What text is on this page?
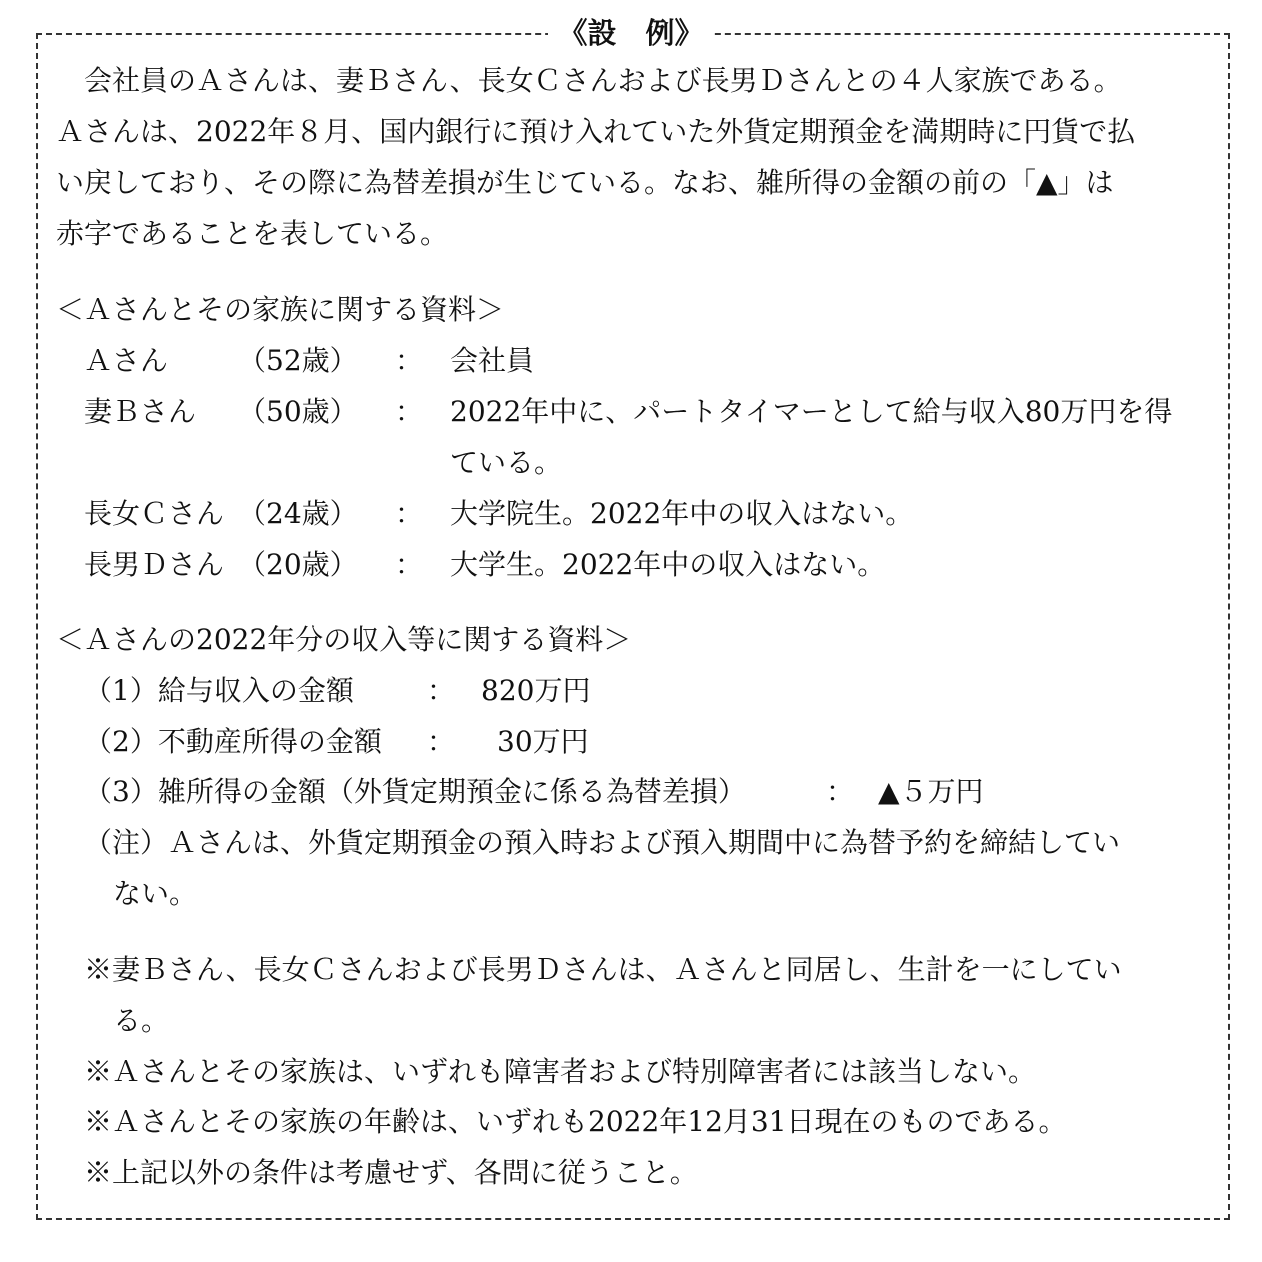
《設　例》
会社員のＡさんは、妻Ｂさん、長女Ｃさんおよび長男Ｄさんとの４人家族である。
Ａさんは、2022年８月、国内銀行に預け入れていた外貨定期預金を満期時に円貨で払
い戻しており、その際に為替差損が生じている。なお、雑所得の金額の前の「▲」は
赤字であることを表している。
＜Ａさんとその家族に関する資料＞
Ａさん （52歳） ： 会社員
妻Ｂさん （50歳） ： 2022年中に、パートタイマーとして給与収入80万円を得
ている。
長女Ｃさん （24歳） ： 大学院生。2022年中の収入はない。
長男Ｄさん （20歳） ： 大学生。2022年中の収入はない。
＜Ａさんの2022年分の収入等に関する資料＞
（1）給与収入の金額	： 820万円
（2）不動産所得の金額 ： 30万円
（3）雑所得の金額（外貨定期預金に係る為替差損）	： ▲５万円
（注）Ａさんは、外貨定期預金の預入時および預入期間中に為替予約を締結してい
ない。
※妻Ｂさん、長女Ｃさんおよび長男Ｄさんは、Ａさんと同居し、生計を一にしてい
る。
※Ａさんとその家族は、いずれも障害者および特別障害者には該当しない。
※Ａさんとその家族の年齢は、いずれも2022年12月31日現在のものである。
※上記以外の条件は考慮せず、各問に従うこと。
